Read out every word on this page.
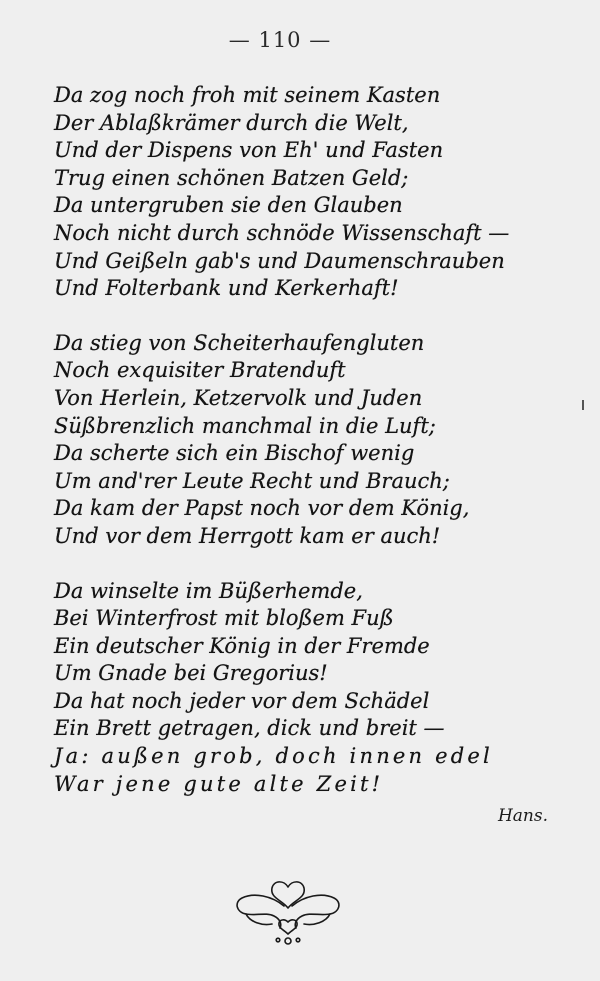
— 110 —
Da zog noch froh mit seinem Kasten
Der Ablaßkrämer durch die Welt,
Und der Dispens von Eh' und Fasten
Trug einen schönen Batzen Geld;
Da untergruben sie den Glauben
Noch nicht durch schnöde Wissenschaft —
Und Geißeln gab's und Daumenschrauben
Und Folterbank und Kerkerhaft!
Da stieg von Scheiterhaufengluten
Noch exquisiter Bratenduft
Von Herlein, Ketzervolk und Juden
Süßbrenzlich manchmal in die Luft;
Da scherte sich ein Bischof wenig
Um and'rer Leute Recht und Brauch;
Da kam der Papst noch vor dem König,
Und vor dem Herrgott kam er auch!
Da winselte im Büßerhemde,
Bei Winterfrost mit bloßem Fuß
Ein deutscher König in der Fremde
Um Gnade bei Gregorius!
Da hat noch jeder vor dem Schädel
Ein Brett getragen, dick und breit —
Ja: außen grob, doch innen edel
War jene gute alte Zeit!
Hans.
